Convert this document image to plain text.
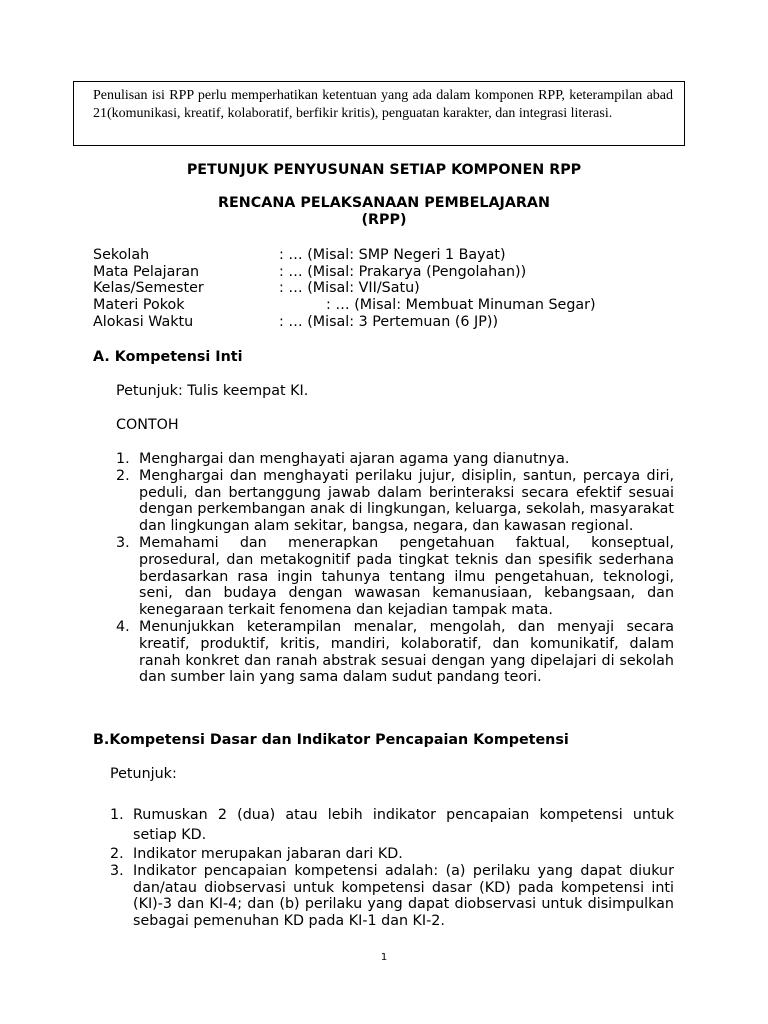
Penulisan isi RPP perlu memperhatikan ketentuan yang ada dalam komponen RPP, keterampilan abad 21(komunikasi, kreatif, kolaboratif, berfikir kritis), penguatan karakter, dan integrasi literasi.
PETUNJUK PENYUSUNAN SETIAP KOMPONEN RPP
RENCANA PELAKSANAAN PEMBELAJARAN
(RPP)
Sekolah	: … (Misal: SMP Negeri 1 Bayat)
Mata Pelajaran	: … (Misal: Prakarya (Pengolahan))
Kelas/Semester	: … (Misal: VII/Satu)
Materi Pokok	: … (Misal: Membuat Minuman Segar)
Alokasi Waktu	: … (Misal: 3 Pertemuan (6 JP))
A. Kompetensi Inti
Petunjuk: Tulis keempat KI.
CONTOH
1. Menghargai dan menghayati ajaran agama yang dianutnya.
2. Menghargai dan menghayati perilaku jujur, disiplin, santun, percaya diri, peduli, dan bertanggung jawab dalam berinteraksi secara efektif sesuai dengan perkembangan anak di lingkungan, keluarga, sekolah, masyarakat dan lingkungan alam sekitar, bangsa, negara, dan kawasan regional.
3. Memahami dan menerapkan pengetahuan faktual, konseptual, prosedural, dan metakognitif pada tingkat teknis dan spesifik sederhana berdasarkan rasa ingin tahunya tentang ilmu pengetahuan, teknologi, seni, dan budaya dengan wawasan kemanusiaan, kebangsaan, dan kenegaraan terkait fenomena dan kejadian tampak mata.
4. Menunjukkan keterampilan menalar, mengolah, dan menyaji secara kreatif, produktif, kritis, mandiri, kolaboratif, dan komunikatif, dalam ranah konkret dan ranah abstrak sesuai dengan yang dipelajari di sekolah dan sumber lain yang sama dalam sudut pandang teori.
B.Kompetensi Dasar dan Indikator Pencapaian Kompetensi
Petunjuk:
1. Rumuskan 2 (dua) atau lebih indikator pencapaian kompetensi untuk setiap KD.
2. Indikator merupakan jabaran dari KD.
3. Indikator pencapaian kompetensi adalah: (a) perilaku yang dapat diukur dan/atau diobservasi untuk kompetensi dasar (KD) pada kompetensi inti (KI)-3 dan KI-4; dan (b) perilaku yang dapat diobservasi untuk disimpulkan sebagai pemenuhan KD pada KI-1 dan KI-2.
1
